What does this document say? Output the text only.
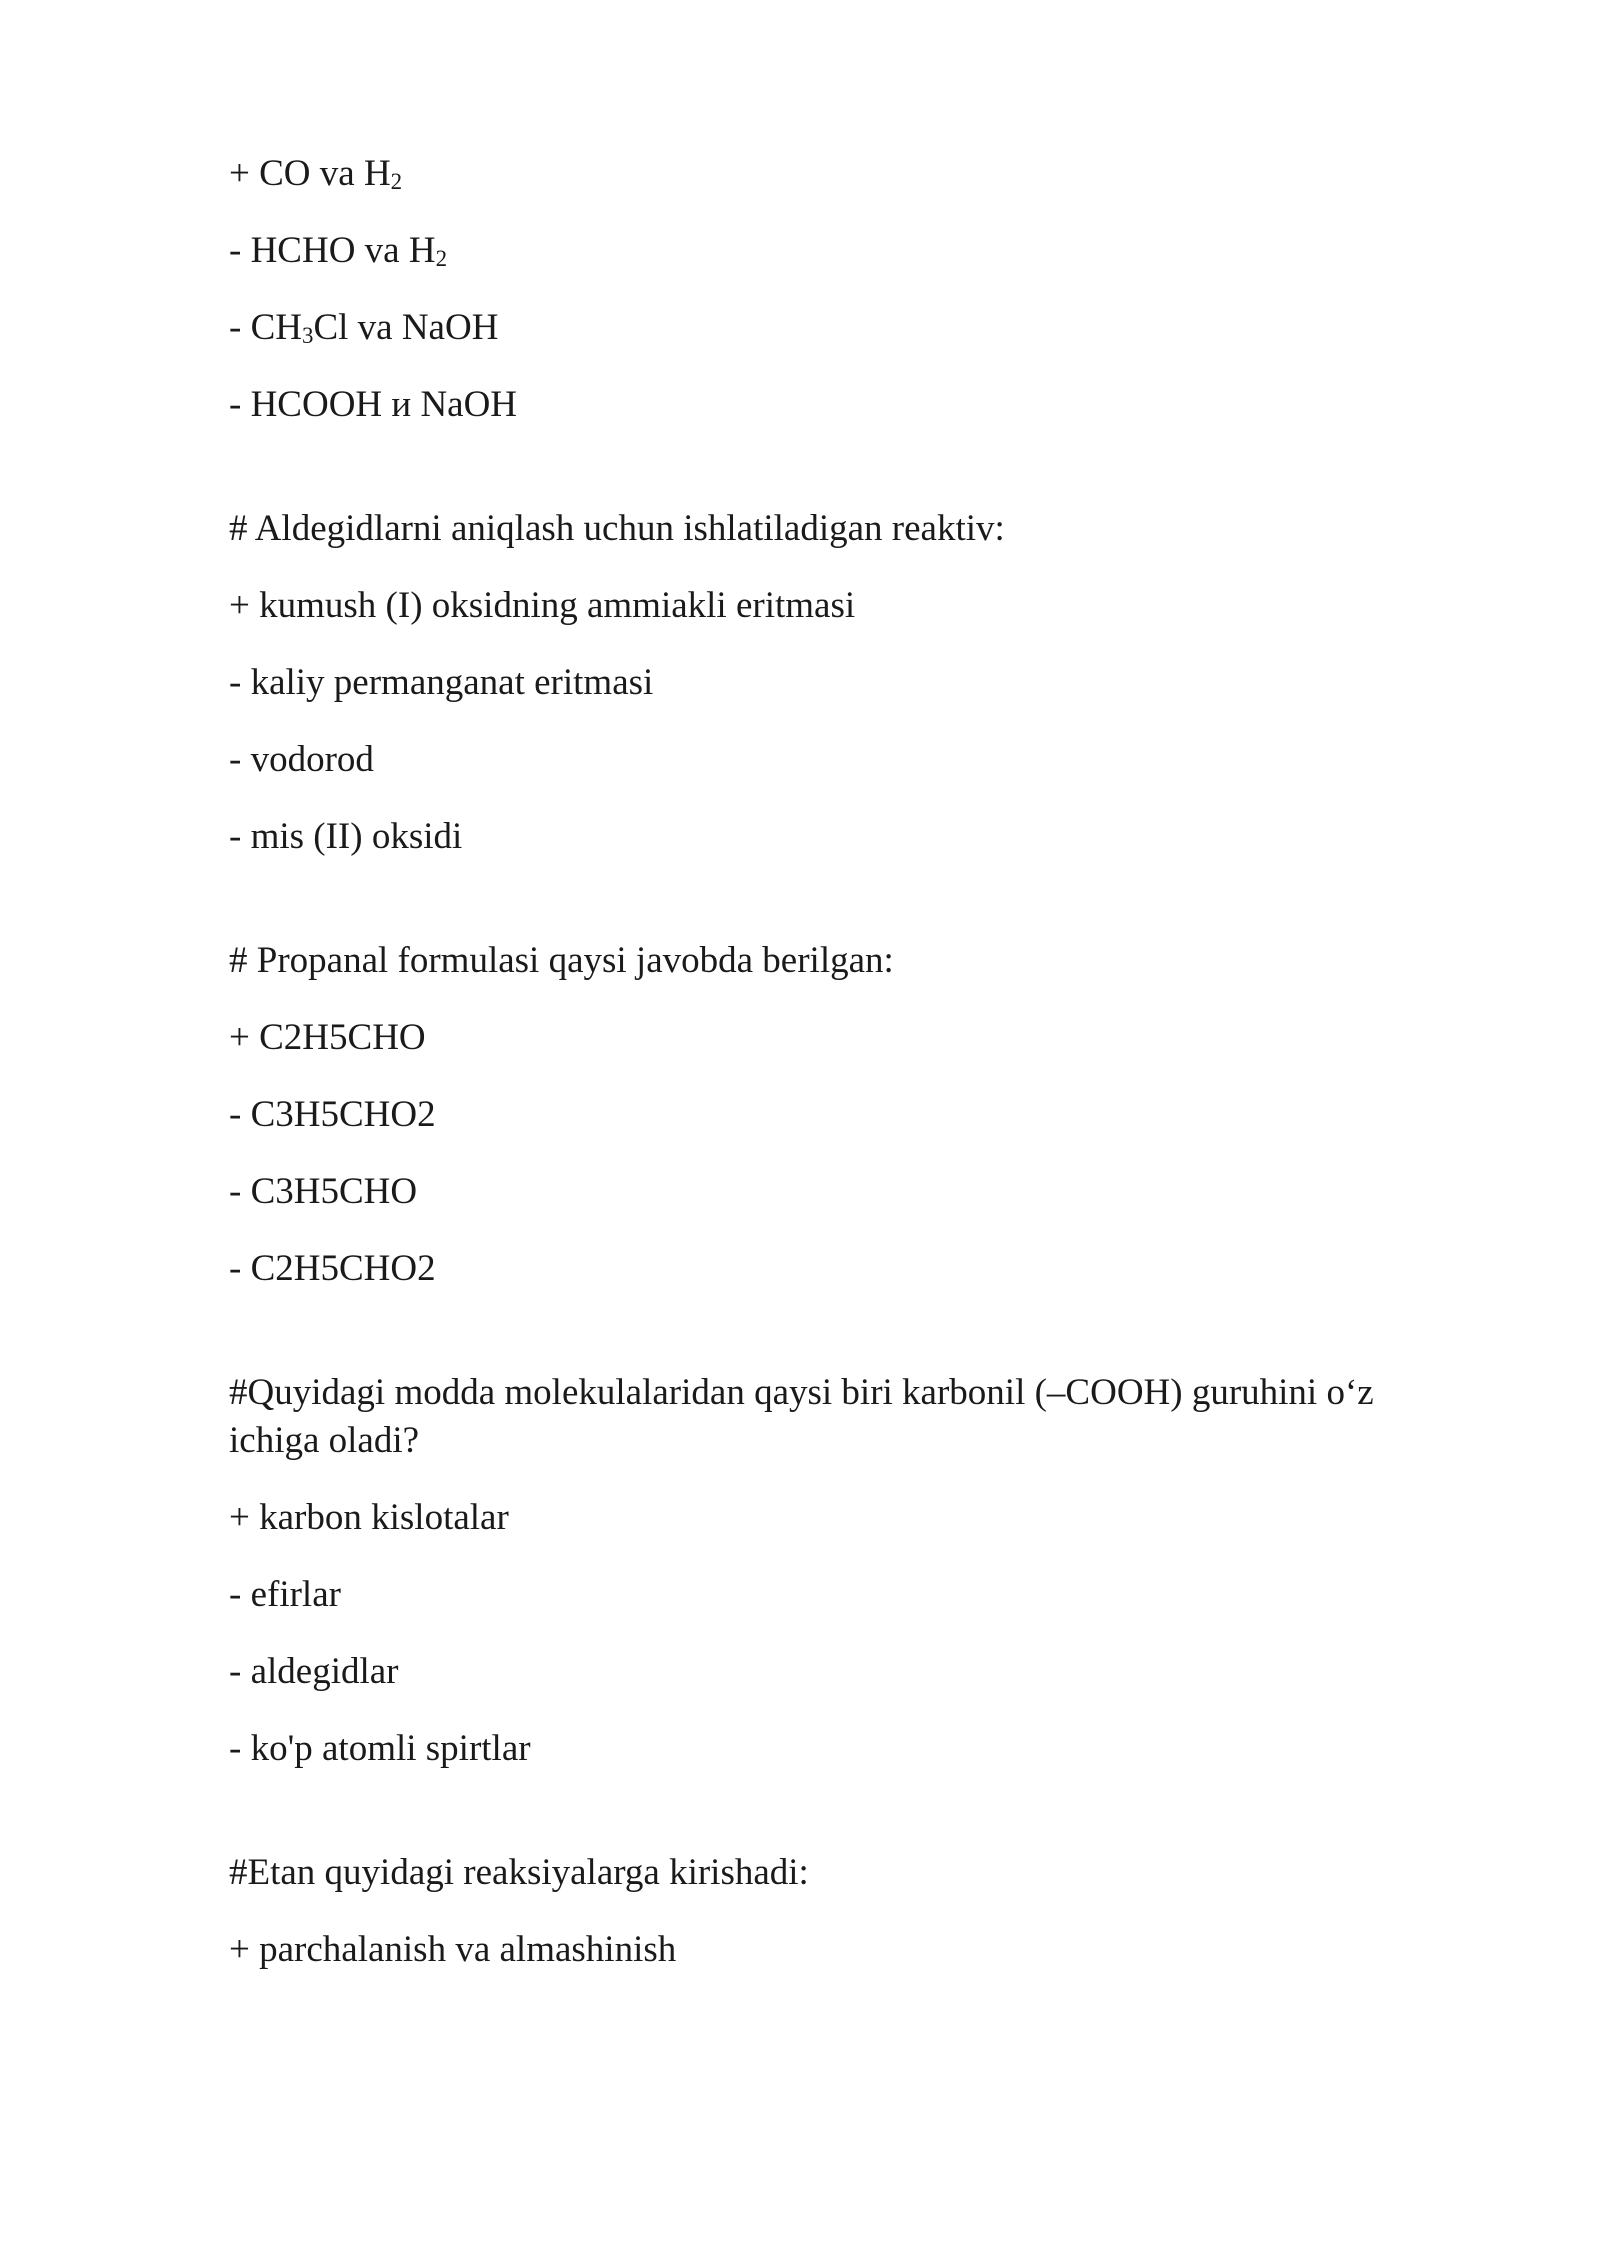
+ CO va $H_2$
- HCHO va $H_2$
- $CH_3Cl$ va NaOH
- HCOOH и NaOH
# Aldegidlarni aniqlash uchun ishlatiladigan reaktiv:
+ kumush (I) oksidning ammiakli eritmasi
- kaliy permanganat eritmasi
- vodorod
- mis (II) oksidi
# Propanal formulasi qaysi javobda berilgan:
+ C2H5CHO
- C3H5CHO2
- C3H5CHO
- C2H5CHO2
#Quyidagi modda molekulalaridan qaysi biri karbonil (–COOH) guruhini o‘z ichiga oladi?
+ karbon kislotalar
- efirlar
- aldegidlar
- ko'p atomli spirtlar
#Etan quyidagi reaksiyalarga kirishadi:
+ parchalanish va almashinish
